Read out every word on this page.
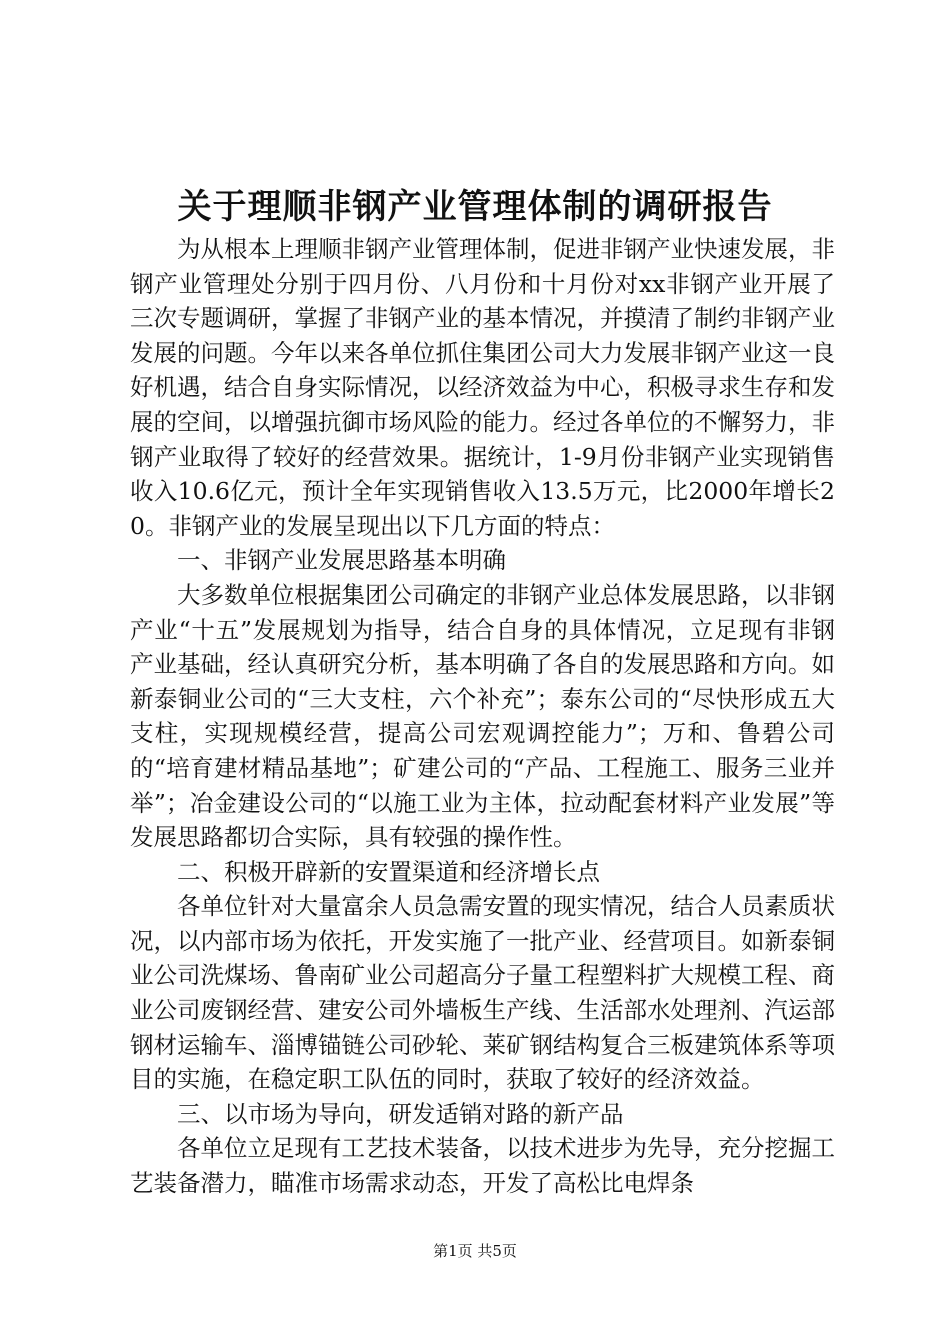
关于理顺非钢产业管理体制的调研报告

为从根本上理顺非钢产业管理体制，促进非钢产业快速发展，非钢产业管理处分别于四月份、八月份和十月份对xx非钢产业开展了三次专题调研，掌握了非钢产业的基本情况，并摸清了制约非钢产业发展的问题。今年以来各单位抓住集团公司大力发展非钢产业这一良好机遇，结合自身实际情况，以经济效益为中心，积极寻求生存和发展的空间，以增强抗御市场风险的能力。经过各单位的不懈努力，非钢产业取得了较好的经营效果。据统计，1-9月份非钢产业实现销售收入10.6亿元，预计全年实现销售收入13.5万元，比2000年增长20。非钢产业的发展呈现出以下几方面的特点：

一、非钢产业发展思路基本明确

大多数单位根据集团公司确定的非钢产业总体发展思路，以非钢产业“十五”发展规划为指导，结合自身的具体情况，立足现有非钢产业基础，经认真研究分析，基本明确了各自的发展思路和方向。如新泰铜业公司的“三大支柱，六个补充”；泰东公司的“尽快形成五大支柱，实现规模经营，提高公司宏观调控能力”；万和、鲁碧公司的“培育建材精品基地”；矿建公司的“产品、工程施工、服务三业并举”；冶金建设公司的“以施工业为主体，拉动配套材料产业发展”等发展思路都切合实际，具有较强的操作性。

二、积极开辟新的安置渠道和经济增长点

各单位针对大量富余人员急需安置的现实情况，结合人员素质状况，以内部市场为依托，开发实施了一批产业、经营项目。如新泰铜业公司洗煤场、鲁南矿业公司超高分子量工程塑料扩大规模工程、商业公司废钢经营、建安公司外墙板生产线、生活部水处理剂、汽运部钢材运输车、淄博锚链公司砂轮、莱矿钢结构复合三板建筑体系等项目的实施，在稳定职工队伍的同时，获取了较好的经济效益。

三、以市场为导向，研发适销对路的新产品

各单位立足现有工艺技术装备，以技术进步为先导，充分挖掘工艺装备潜力，瞄准市场需求动态，开发了高松比电焊条

第1页 共5页
